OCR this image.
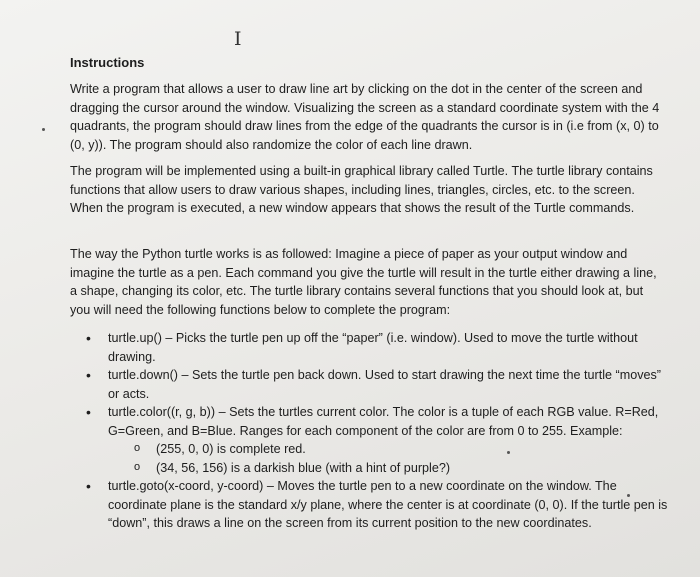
I
Instructions

Write a program that allows a user to draw line art by clicking on the dot in the center of the screen and dragging the cursor around the window. Visualizing the screen as a standard coordinate system with the 4 quadrants, the program should draw lines from the edge of the quadrants the cursor is in (i.e from (x, 0) to (0, y)). The program should also randomize the color of each line drawn.

The program will be implemented using a built-in graphical library called Turtle. The turtle library contains functions that allow users to draw various shapes, including lines, triangles, circles, etc. to the screen. When the program is executed, a new window appears that shows the result of the Turtle commands.

The way the Python turtle works is as followed: Imagine a piece of paper as your output window and imagine the turtle as a pen. Each command you give the turtle will result in the turtle either drawing a line, a shape, changing its color, etc. The turtle library contains several functions that you should look at, but you will need the following functions below to complete the program:

• turtle.up() – Picks the turtle pen up off the “paper” (i.e. window). Used to move the turtle without drawing.
• turtle.down() – Sets the turtle pen back down. Used to start drawing the next time the turtle “moves” or acts.
• turtle.color((r, g, b)) – Sets the turtles current color. The color is a tuple of each RGB value. R=Red, G=Green, and B=Blue. Ranges for each component of the color are from 0 to 255. Example:
o (255, 0, 0) is complete red.
o (34, 56, 156) is a darkish blue (with a hint of purple?)
• turtle.goto(x-coord, y-coord) – Moves the turtle pen to a new coordinate on the window. The coordinate plane is the standard x/y plane, where the center is at coordinate (0, 0). If the turtle pen is “down”, this draws a line on the screen from its current position to the new coordinates.
